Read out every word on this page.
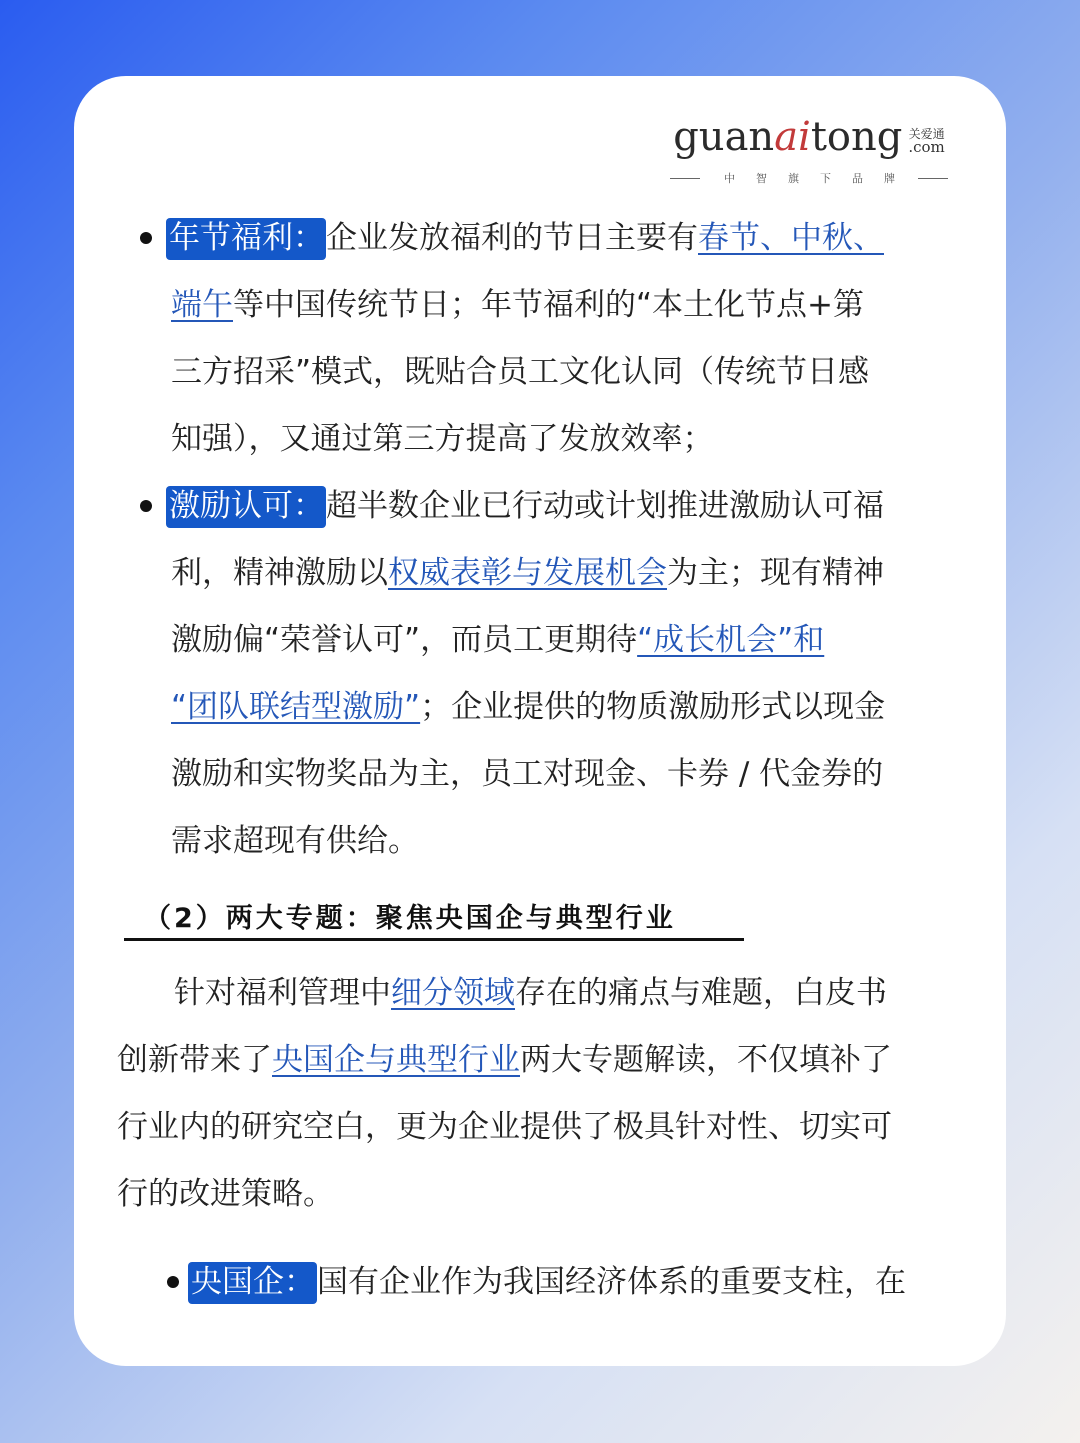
guanaitong 关爱通
.com
中智旗下品牌
年节福利：企业发放福利的节日主要有春节、中秋、
端午等中国传统节日；年节福利的“本土化节点+第
三方招采”模式，既贴合员工文化认同（传统节日感
知强），又通过第三方提高了发放效率；
激励认可：超半数企业已行动或计划推进激励认可福
利，精神激励以权威表彰与发展机会为主；现有精神
激励偏“荣誉认可”，而员工更期待“成长机会”和
“团队联结型激励”；企业提供的物质激励形式以现金
激励和实物奖品为主，员工对现金、卡券 / 代金券的
需求超现有供给。
（2）两大专题：聚焦央国企与典型行业
针对福利管理中细分领域存在的痛点与难题，白皮书
创新带来了央国企与典型行业两大专题解读，不仅填补了
行业内的研究空白，更为企业提供了极具针对性、切实可
行的改进策略。
央国企：国有企业作为我国经济体系的重要支柱，在
